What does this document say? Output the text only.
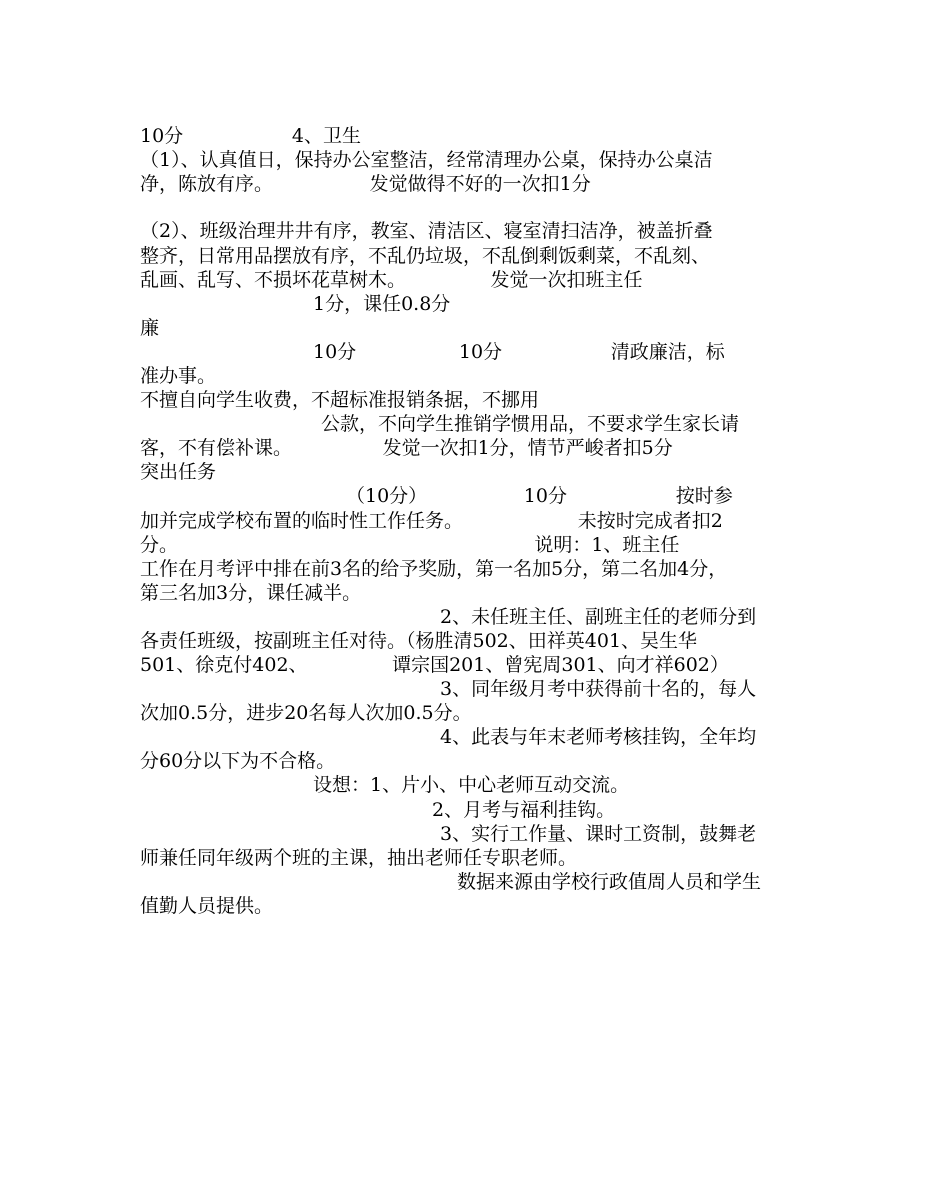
10分                  4、卫生
（1）、认真值日，保持办公室整洁，经常清理办公桌，保持办公桌洁
净，陈放有序。                发觉做得不好的一次扣1分
（2）、班级治理井井有序，教室、清洁区、寝室清扫洁净，被盖折叠
整齐，日常用品摆放有序，不乱仍垃圾，不乱倒剩饭剩菜，不乱刻、
乱画、乱写、不损坏花草树木。              发觉一次扣班主任
1分，课任0.8分
廉
10分                 10分                  清政廉洁，标
准办事。
不擅自向学生收费，不超标准报销条据，不挪用
公款，不向学生推销学惯用品，不要求学生家长请
客，不有偿补课。               发觉一次扣1分，情节严峻者扣5分
突出任务
（10分）                10分                  按时参
加并完成学校布置的临时性工作任务。                   未按时完成者扣2
分。                                                           说明：1、班主任
工作在月考评中排在前3名的给予奖励，第一名加5分，第二名加4分，
第三名加3分，课任减半。
2、未任班主任、副班主任的老师分到
各责任班级，按副班主任对待。（杨胜清502、田祥英401、吴生华
501、徐克付402、              谭宗国201、曾宪周301、向才祥602）
3、同年级月考中获得前十名的，每人
次加0.5分，进步20名每人次加0.5分。
4、此表与年末老师考核挂钩，全年均
分60分以下为不合格。
设想：1、片小、中心老师互动交流。
2、月考与福利挂钩。
3、实行工作量、课时工资制，鼓舞老
师兼任同年级两个班的主课，抽出老师任专职老师。
数据来源由学校行政值周人员和学生
值勤人员提供。
